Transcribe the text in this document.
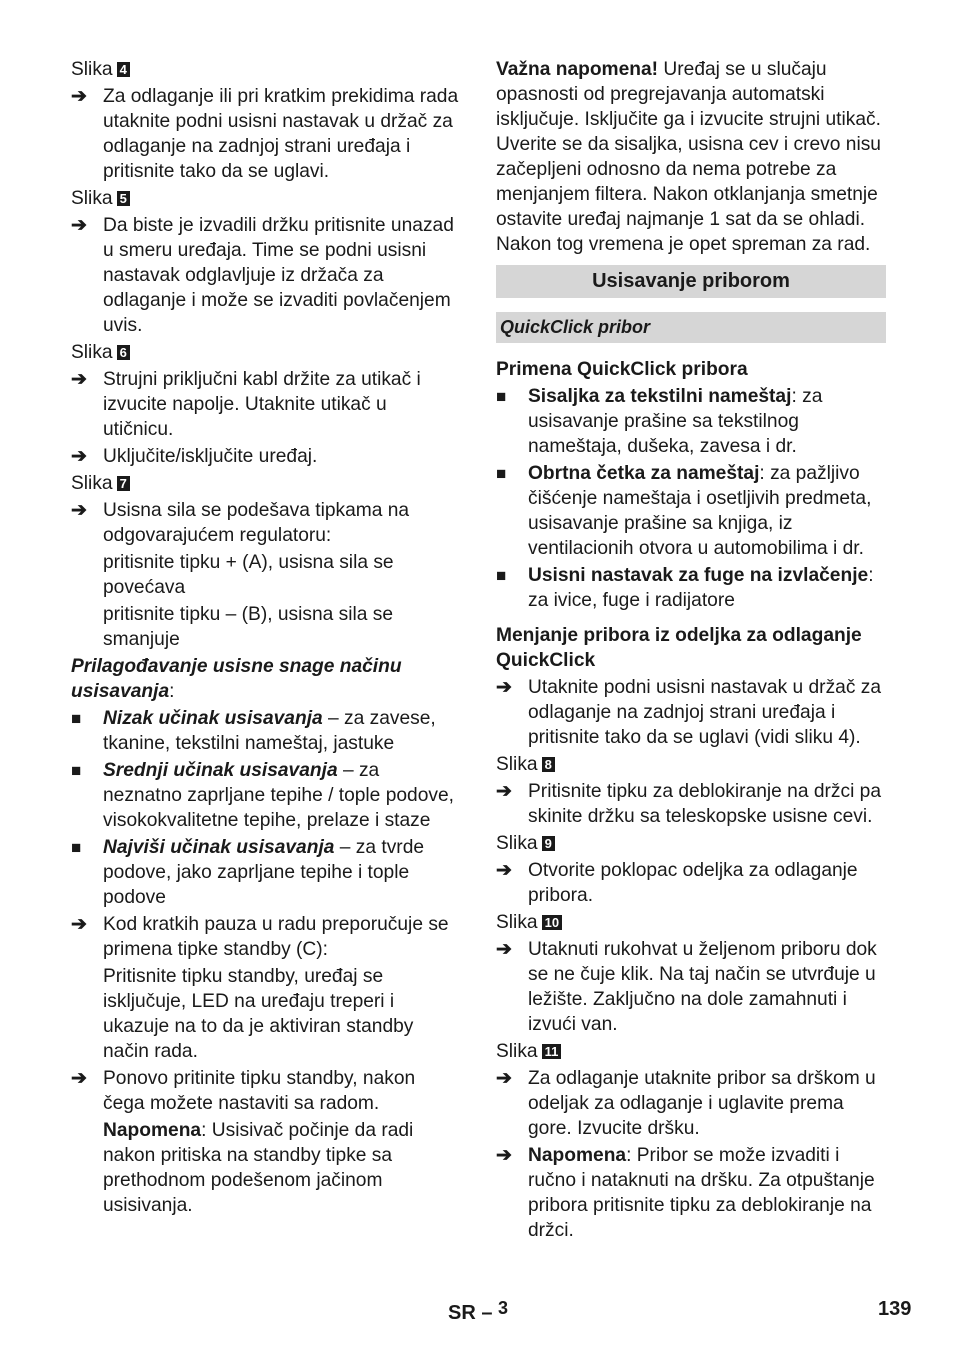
Slika 4
➔ Za odlaganje ili pri kratkim prekidima rada utaknite podni usisni nastavak u držač za odlaganje na zadnjoj strani uređaja i pritisnite tako da se uglavi.
Slika 5
➔ Da biste je izvadili držku pritisnite unazad u smeru uređaja. Time se podni usisni nastavak odglavljuje iz držača za odlaganje i može se izvaditi povlačenjem uvis.
Slika 6
➔ Strujni priključni kabl držite za utikač i izvucite napolje. Utaknite utikač u utičnicu.
➔ Uključite/isključite uređaj.
Slika 7
➔ Usisna sila se podešava tipkama na odgovarajućem regulatoru:
pritisnite tipku + (A), usisna sila se povećava
pritisnite tipku – (B), usisna sila se smanjuje
Prilagođavanje usisne snage načinu usisavanja:
■ Nizak učinak usisavanja – za zavese, tkanine, tekstilni nameštaj, jastuke
■ Srednji učinak usisavanja – za neznatno zaprljane tepihe / tople podove, visokokvalitetne tepihe, prelaze i staze
■ Najviši učinak usisavanja – za tvrde podove, jako zaprljane tepihe i tople podove
➔ Kod kratkih pauza u radu preporučuje se primena tipke standby (C):
Pritisnite tipku standby, uređaj se isključuje, LED na uređaju treperi i ukazuje na to da je aktiviran standby način rada.
➔ Ponovo pritinite tipku standby, nakon čega možete nastaviti sa radom.
Napomena: Usisivač počinje da radi nakon pritiska na standby tipke sa prethodnom podešenom jačinom usisivanja.

Važna napomena! Uređaj se u slučaju opasnosti od pregrejavanja automatski isključuje. Isključite ga i izvucite strujni utikač. Uverite se da sisaljka, usisna cev i crevo nisu začepljeni odnosno da nema potrebe za menjanjem filtera. Nakon otklanjanja smetnje ostavite uređaj najmanje 1 sat da se ohladi. Nakon tog vremena je opet spreman za rad.

Usisavanje priborom
QuickClick pribor
Primena QuickClick pribora
■ Sisaljka za tekstilni nameštaj: za usisavanje prašine sa tekstilnog nameštaja, dušeka, zavesa i dr.
■ Obrtna četka za nameštaj: za pažljivo čišćenje nameštaja i osetljivih predmeta, usisavanje prašine sa knjiga, iz ventilacionih otvora u automobilima i dr.
■ Usisni nastavak za fuge na izvlačenje: za ivice, fuge i radijatore
Menjanje pribora iz odeljka za odlaganje QuickClick
➔ Utaknite podni usisni nastavak u držač za odlaganje na zadnjoj strani uređaja i pritisnite tako da se uglavi (vidi sliku 4).
Slika 8
➔ Pritisnite tipku za deblokiranje na držci pa skinite držku sa teleskopske usisne cevi.
Slika 9
➔ Otvorite poklopac odeljka za odlaganje pribora.
Slika 10
➔ Utaknuti rukohvat u željenom priboru dok se ne čuje klik. Na taj način se utvrđuje u ležište. Zaključno na dole zamahnuti i izvući van.
Slika 11
➔ Za odlaganje utaknite pribor sa drškom u odeljak za odlaganje i uglavite prema gore. Izvucite dršku.
➔ Napomena: Pribor se može izvaditi i ručno i nataknuti na dršku. Za otpuštanje pribora pritisnite tipku za deblokiranje na držci.
SR – 3	139
